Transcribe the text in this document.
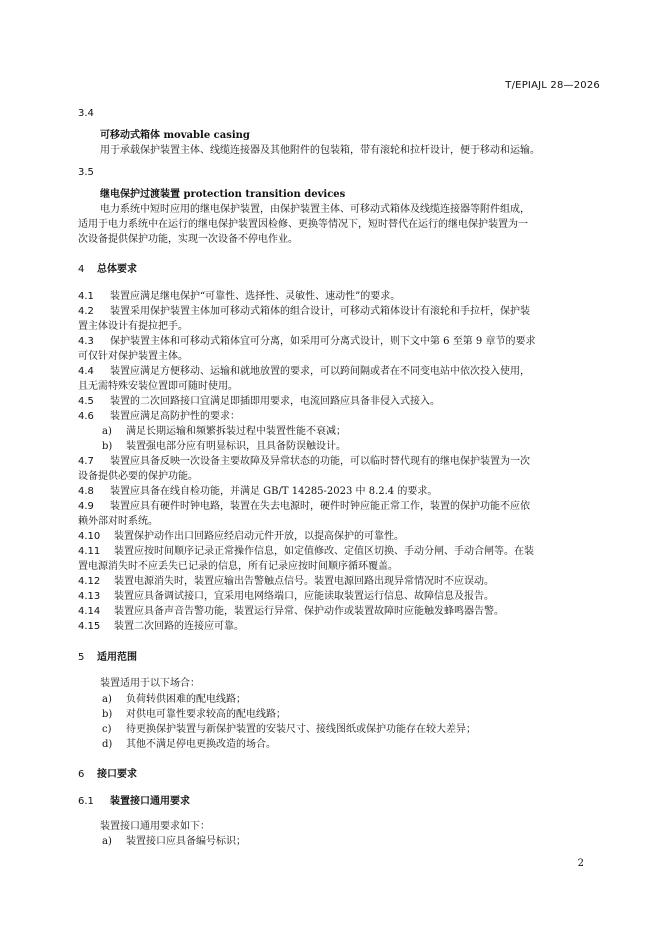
T/EPIAJL 28—2026
3.4
可移动式箱体 movable casing
用于承载保护装置主体、线缆连接器及其他附件的包装箱，带有滚轮和拉杆设计，便于移动和运输。
3.5
继电保护过渡装置 protection transition devices
电力系统中短时应用的继电保护装置，由保护装置主体、可移动式箱体及线缆连接器等附件组成，
适用于电力系统中在运行的继电保护装置因检修、更换等情况下，短时替代在运行的继电保护装置为一
次设备提供保护功能，实现一次设备不停电作业。
4 总体要求
4.1 装置应满足继电保护“可靠性、选择性、灵敏性、速动性”的要求。
4.2 装置采用保护装置主体加可移动式箱体的组合设计，可移动式箱体设计有滚轮和手拉杆，保护装
置主体设计有提拉把手。
4.3 保护装置主体和可移动式箱体宜可分离，如采用可分离式设计，则下文中第 6 至第 9 章节的要求
可仅针对保护装置主体。
4.4 装置应满足方便移动、运输和就地放置的要求，可以跨间隔或者在不同变电站中依次投入使用，
且无需特殊安装位置即可随时使用。
4.5 装置的二次回路接口宜满足即插即用要求，电流回路应具备非侵入式接入。
4.6 装置应满足高防护性的要求：
a) 满足长期运输和频繁拆装过程中装置性能不衰减；
b) 装置强电部分应有明显标识，且具备防误触设计。
4.7 装置应具备反映一次设备主要故障及异常状态的功能，可以临时替代现有的继电保护装置为一次
设备提供必要的保护功能。
4.8 装置应具备在线自检功能，并满足 GB/T 14285-2023 中 8.2.4 的要求。
4.9 装置应具有硬件时钟电路，装置在失去电源时，硬件时钟应能正常工作，装置的保护功能不应依
赖外部对时系统。
4.10 装置保护动作出口回路应经启动元件开放，以提高保护的可靠性。
4.11 装置应按时间顺序记录正常操作信息，如定值修改、定值区切换、手动分闸、手动合闸等。在装
置电源消失时不应丢失已记录的信息，所有记录应按时间顺序循环覆盖。
4.12 装置电源消失时，装置应输出告警触点信号。装置电源回路出现异常情况时不应误动。
4.13 装置应具备调试接口，宜采用电网络端口，应能读取装置运行信息、故障信息及报告。
4.14 装置应具备声音告警功能，装置运行异常、保护动作或装置故障时应能触发蜂鸣器告警。
4.15 装置二次回路的连接应可靠。
5 适用范围
装置适用于以下场合：
a) 负荷转供困难的配电线路；
b) 对供电可靠性要求较高的配电线路；
c) 待更换保护装置与新保护装置的安装尺寸、接线图纸或保护功能存在较大差异；
d) 其他不满足停电更换改造的场合。
6 接口要求
6.1 装置接口通用要求
装置接口通用要求如下：
a) 装置接口应具备编号标识；
2
